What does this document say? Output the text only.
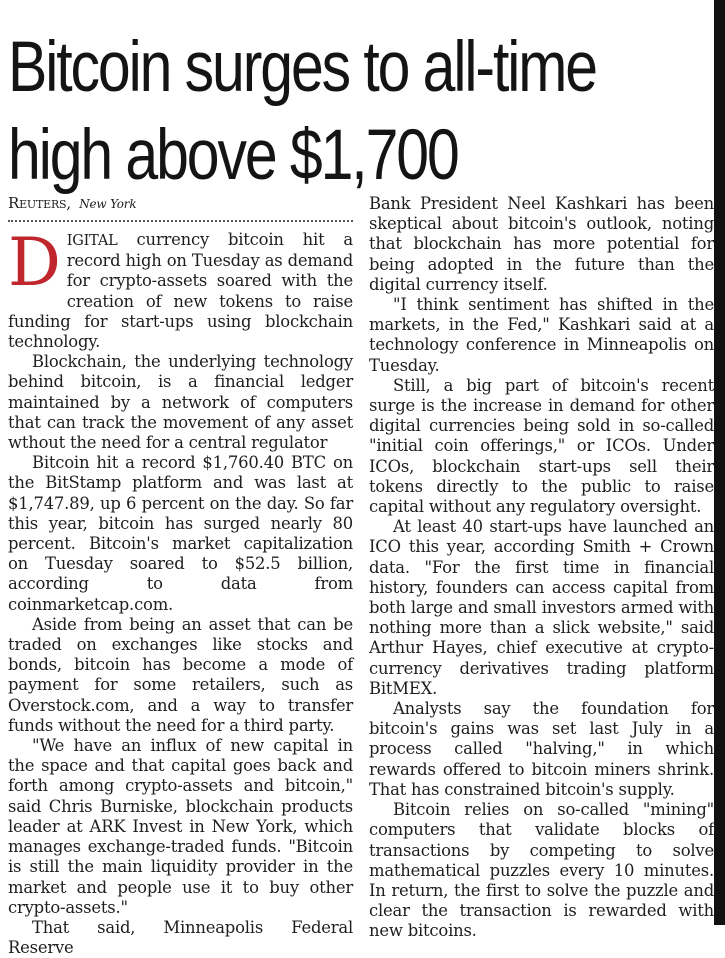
Bitcoin surges to all-time
high above $1,700
Reuters, New York

DIGITAL currency bitcoin hit a record high on Tuesday as demand for crypto-assets soared with the creation of new tokens to raise funding for start-ups using blockchain technology.

Blockchain, the underlying technology behind bitcoin, is a financial ledger maintained by a network of computers that can track the movement of any asset wthout the need for a central regulator

Bitcoin hit a record $1,760.40 BTC on the BitStamp platform and was last at $1,747.89, up 6 percent on the day. So far this year, bitcoin has surged nearly 80 percent. Bitcoin's market capitalization on Tuesday soared to $52.5 billion, according to data from coinmarketcap.com.

Aside from being an asset that can be traded on exchanges like stocks and bonds, bitcoin has become a mode of payment for some retailers, such as Overstock.com, and a way to transfer funds without the need for a third party.

"We have an influx of new capital in the space and that capital goes back and forth among crypto-assets and bitcoin," said Chris Burniske, blockchain products leader at ARK Invest in New York, which manages exchange-traded funds. "Bitcoin is still the main liquidity provider in the market and people use it to buy other crypto-assets."

That said, Minneapolis Federal Reserve

Bank President Neel Kashkari has been skeptical about bitcoin's outlook, noting that blockchain has more potential for being adopted in the future than the digital currency itself.

"I think sentiment has shifted in the markets, in the Fed," Kashkari said at a technology conference in Minneapolis on Tuesday.

Still, a big part of bitcoin's recent surge is the increase in demand for other digital currencies being sold in so-called "initial coin offerings," or ICOs. Under ICOs, blockchain start-ups sell their tokens directly to the public to raise capital without any regulatory oversight.

At least 40 start-ups have launched an ICO this year, according Smith + Crown data. "For the first time in financial history, founders can access capital from both large and small investors armed with nothing more than a slick website," said Arthur Hayes, chief executive at crypto-currency derivatives trading platform BitMEX.

Analysts say the foundation for bitcoin's gains was set last July in a process called "halving," in which rewards offered to bitcoin miners shrink. That has constrained bitcoin's supply.

Bitcoin relies on so-called "mining" computers that validate blocks of transactions by competing to solve mathematical puzzles every 10 minutes. In return, the first to solve the puzzle and clear the transaction is rewarded with new bitcoins.
